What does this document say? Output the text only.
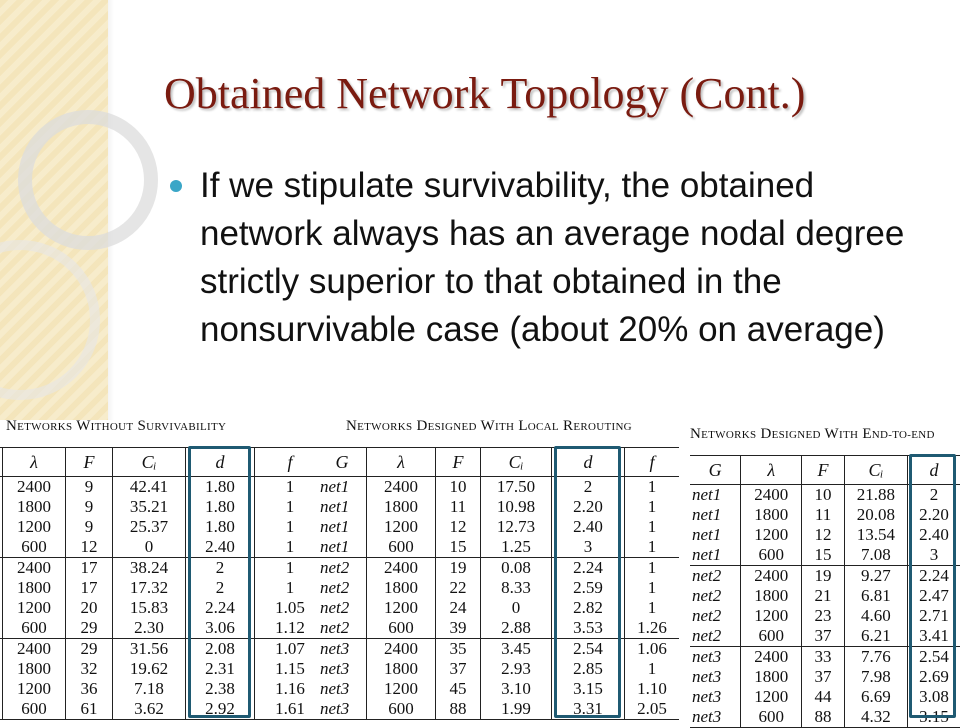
Obtained Network Topology (Cont.)
If we stipulate survivability, the obtained network always has an average nodal degree strictly superior to that obtained in the nonsurvivable case (about 20% on average)
NETWORKS WITHOUT SURVIVABILITY
	λ	F	Cᵢ	d	f
	2400	9	42.41	1.80	1
	1800	9	35.21	1.80	1
	1200	9	25.37	1.80	1
	600	12	0	2.40	1
	2400	17	38.24	2	1
	1800	17	17.32	2	1
	1200	20	15.83	2.24	1.05
	600	29	2.30	3.06	1.12
	2400	29	31.56	2.08	1.07
	1800	32	19.62	2.31	1.15
	1200	36	7.18	2.38	1.16
	600	61	3.62	2.92	1.61
NETWORKS DESIGNED WITH LOCAL REROUTING
G	λ	F	Cᵢ	d	f
net1	2400	10	17.50	2	1
net1	1800	11	10.98	2.20	1
net1	1200	12	12.73	2.40	1
net1	600	15	1.25	3	1
net2	2400	19	0.08	2.24	1
net2	1800	22	8.33	2.59	1
net2	1200	24	0	2.82	1
net2	600	39	2.88	3.53	1.26
net3	2400	35	3.45	2.54	1.06
net3	1800	37	2.93	2.85	1
net3	1200	45	3.10	3.15	1.10
net3	600	88	1.99	3.31	2.05
NETWORKS DESIGNED WITH END-TO-END
G	λ	F	Cᵢ	d
net1	2400	10	21.88	2
net1	1800	11	20.08	2.20
net1	1200	12	13.54	2.40
net1	600	15	7.08	3
net2	2400	19	9.27	2.24
net2	1800	21	6.81	2.47
net2	1200	23	4.60	2.71
net2	600	37	6.21	3.41
net3	2400	33	7.76	2.54
net3	1800	37	7.98	2.69
net3	1200	44	6.69	3.08
net3	600	88	4.32	3.15
